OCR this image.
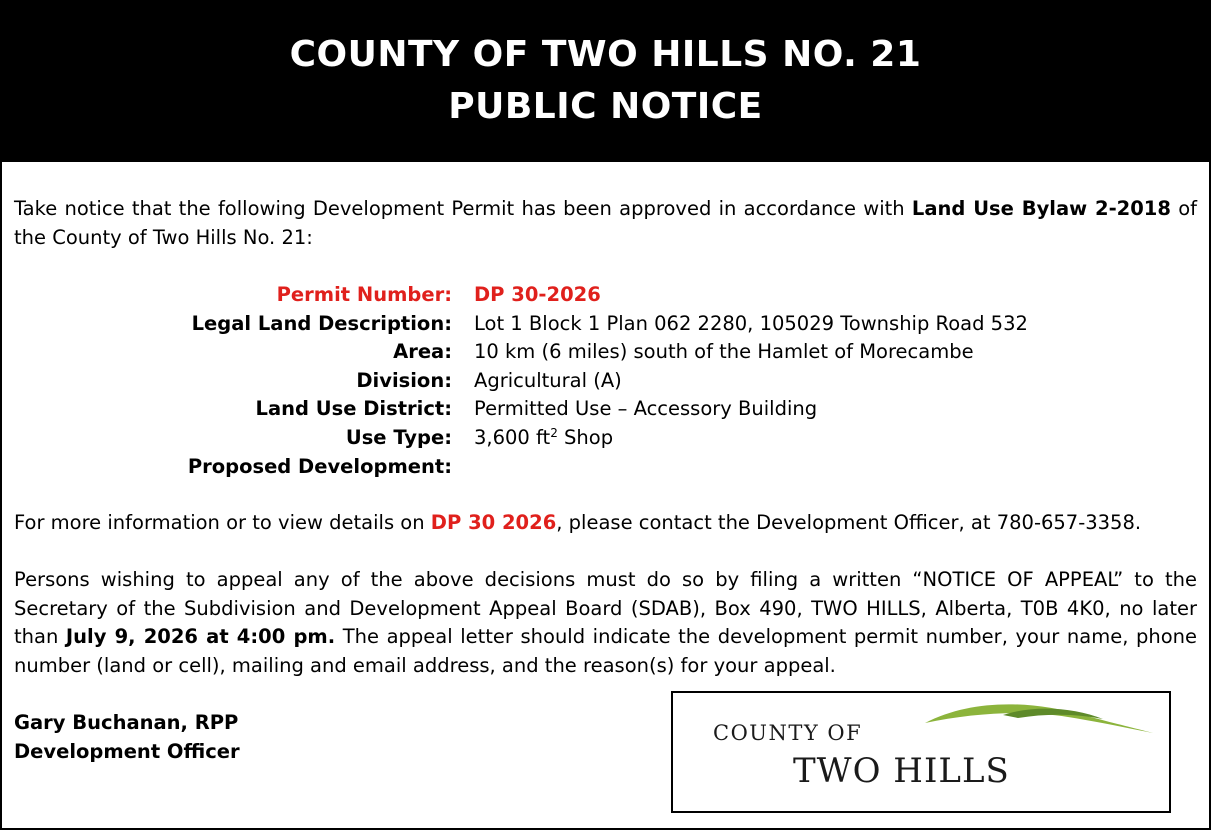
COUNTY OF TWO HILLS NO. 21
PUBLIC NOTICE
Take notice that the following Development Permit has been approved in accordance with Land Use Bylaw 2-2018 of the County of Two Hills No. 21:
Permit Number: DP 30-2026
Legal Land Description: Lot 1 Block 1 Plan 062 2280, 105029 Township Road 532
Area: 10 km (6 miles) south of the Hamlet of Morecambe
Division: Agricultural (A)
Land Use District: Permitted Use – Accessory Building
Use Type: 3,600 $ft^2$ Shop
Proposed Development:
For more information or to view details on DP 30 2026, please contact the Development Officer, at 780-657-3358.
Persons wishing to appeal any of the above decisions must do so by filing a written “NOTICE OF APPEAL” to the Secretary of the Subdivision and Development Appeal Board (SDAB), Box 490, TWO HILLS, Alberta, T0B 4K0, no later than July 9, 2026 at 4:00 pm. The appeal letter should indicate the development permit number, your name, phone number (land or cell), mailing and email address, and the reason(s) for your appeal.
Gary Buchanan, RPP
Development Officer
COUNTY OF
TWO HILLS
